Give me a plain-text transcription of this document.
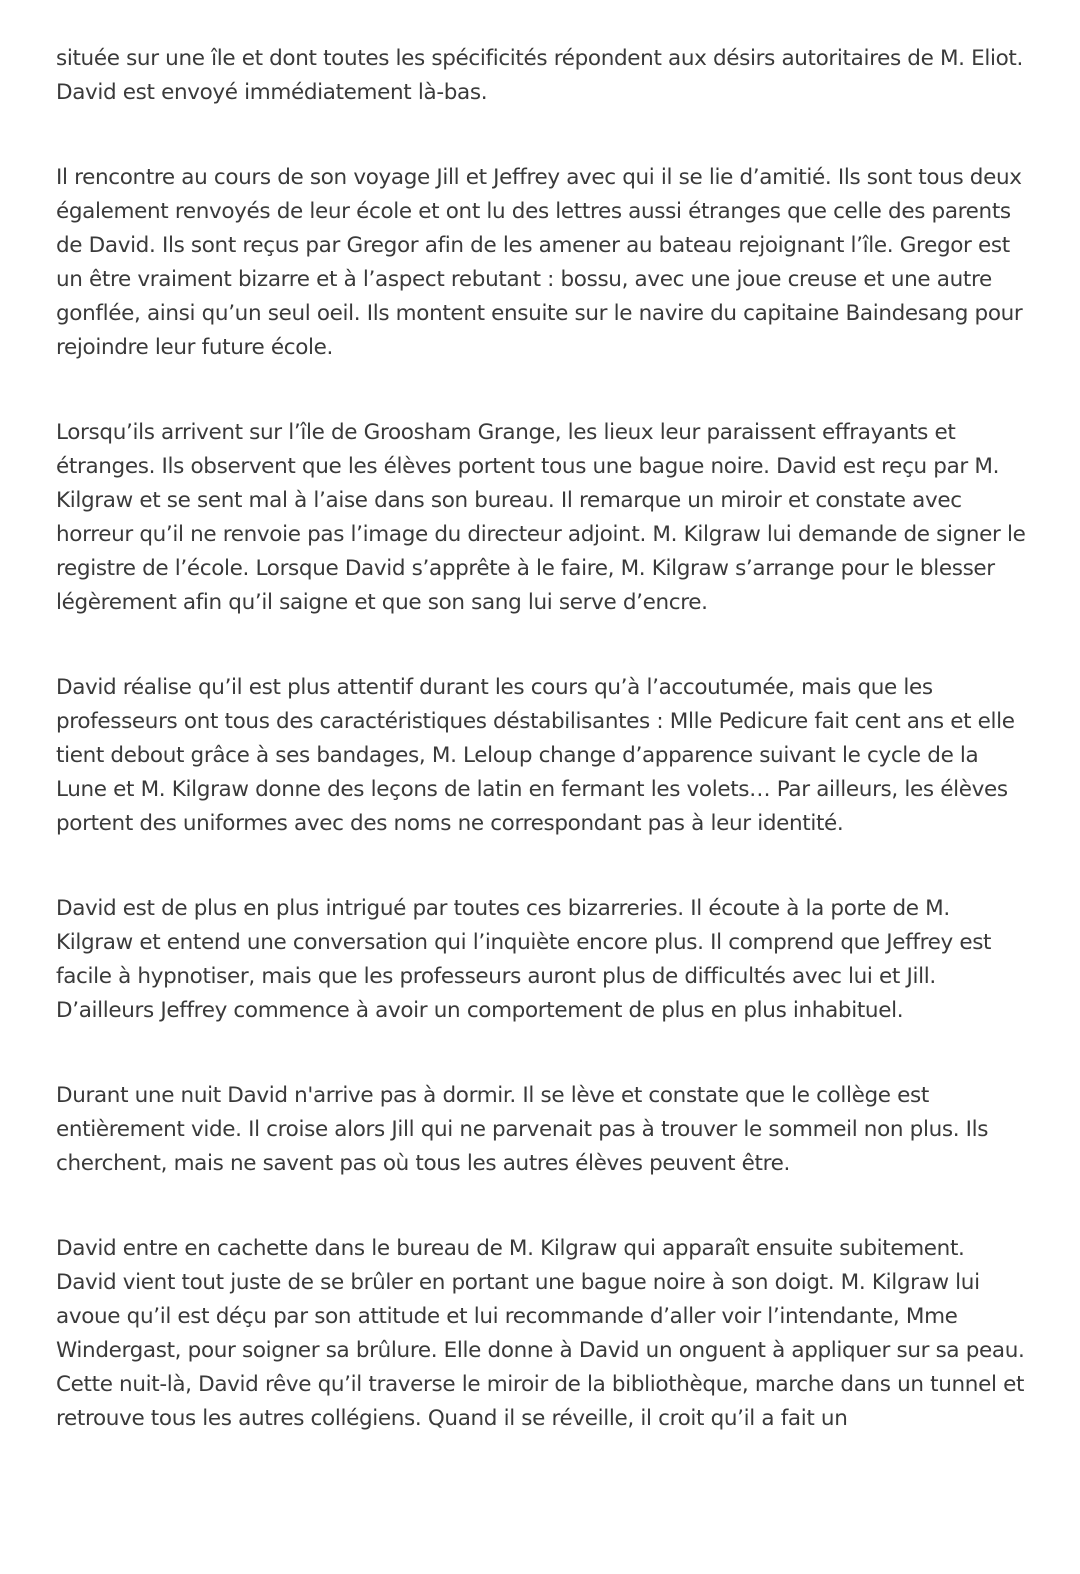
située sur une île et dont toutes les spécificités répondent aux désirs autoritaires de M. Eliot. David est envoyé immédiatement là-bas.

Il rencontre au cours de son voyage Jill et Jeffrey avec qui il se lie d’amitié. Ils sont tous deux également renvoyés de leur école et ont lu des lettres aussi étranges que celle des parents de David. Ils sont reçus par Gregor afin de les amener au bateau rejoignant l’île. Gregor est un être vraiment bizarre et à l’aspect rebutant : bossu, avec une joue creuse et une autre gonflée, ainsi qu’un seul oeil. Ils montent ensuite sur le navire du capitaine Baindesang pour rejoindre leur future école.

Lorsqu’ils arrivent sur l’île de Groosham Grange, les lieux leur paraissent effrayants et étranges. Ils observent que les élèves portent tous une bague noire. David est reçu par M. Kilgraw et se sent mal à l’aise dans son bureau. Il remarque un miroir et constate avec horreur qu’il ne renvoie pas l’image du directeur adjoint. M. Kilgraw lui demande de signer le registre de l’école. Lorsque David s’apprête à le faire, M. Kilgraw s’arrange pour le blesser légèrement afin qu’il saigne et que son sang lui serve d’encre.

David réalise qu’il est plus attentif durant les cours qu’à l’accoutumée, mais que les professeurs ont tous des caractéristiques déstabilisantes : Mlle Pedicure fait cent ans et elle tient debout grâce à ses bandages, M. Leloup change d’apparence suivant le cycle de la Lune et M. Kilgraw donne des leçons de latin en fermant les volets… Par ailleurs, les élèves portent des uniformes avec des noms ne correspondant pas à leur identité.

David est de plus en plus intrigué par toutes ces bizarreries. Il écoute à la porte de M. Kilgraw et entend une conversation qui l’inquiète encore plus. Il comprend que Jeffrey est facile à hypnotiser, mais que les professeurs auront plus de difficultés avec lui et Jill. D’ailleurs Jeffrey commence à avoir un comportement de plus en plus inhabituel.

Durant une nuit David n'arrive pas à dormir. Il se lève et constate que le collège est entièrement vide. Il croise alors Jill qui ne parvenait pas à trouver le sommeil non plus. Ils cherchent, mais ne savent pas où tous les autres élèves peuvent être.

David entre en cachette dans le bureau de M. Kilgraw qui apparaît ensuite subitement. David vient tout juste de se brûler en portant une bague noire à son doigt. M. Kilgraw lui avoue qu’il est déçu par son attitude et lui recommande d’aller voir l’intendante, Mme Windergast, pour soigner sa brûlure. Elle donne à David un onguent à appliquer sur sa peau. Cette nuit-là, David rêve qu’il traverse le miroir de la bibliothèque, marche dans un tunnel et retrouve tous les autres collégiens. Quand il se réveille, il croit qu’il a fait un
